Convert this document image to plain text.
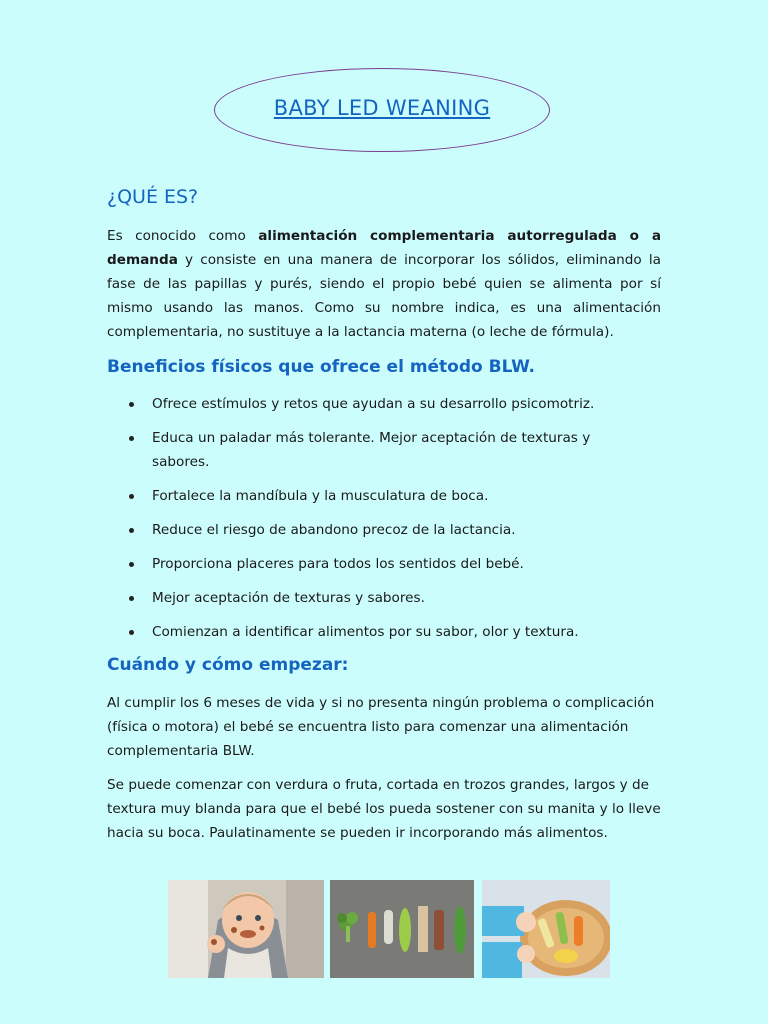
BABY LED WEANING
¿QUÉ ES?

Es conocido como alimentación complementaria autorregulada o a demanda y consiste en una manera de incorporar los sólidos, eliminando la fase de las papillas y purés, siendo el propio bebé quien se alimenta por sí mismo usando las manos. Como su nombre indica, es una alimentación complementaria, no sustituye a la lactancia materna (o leche de fórmula).

Beneficios físicos que ofrece el método BLW.
Ofrece estímulos y retos que ayudan a su desarrollo psicomotriz.
Educa un paladar más tolerante. Mejor aceptación de texturas y sabores.
Fortalece la mandíbula y la musculatura de boca.
Reduce el riesgo de abandono precoz de la lactancia.
Proporciona placeres para todos los sentidos del bebé.
Mejor aceptación de texturas y sabores.
Comienzan a identificar alimentos por su sabor, olor y textura.
Cuándo y cómo empezar:

Al cumplir los 6 meses de vida y si no presenta ningún problema o complicación (física o motora) el bebé se encuentra listo para comenzar una alimentación complementaria BLW.

Se puede comenzar con verdura o fruta, cortada en trozos grandes, largos y de textura muy blanda para que el bebé los pueda sostener con su manita y lo lleve hacia su boca. Paulatinamente se pueden ir incorporando más alimentos.
